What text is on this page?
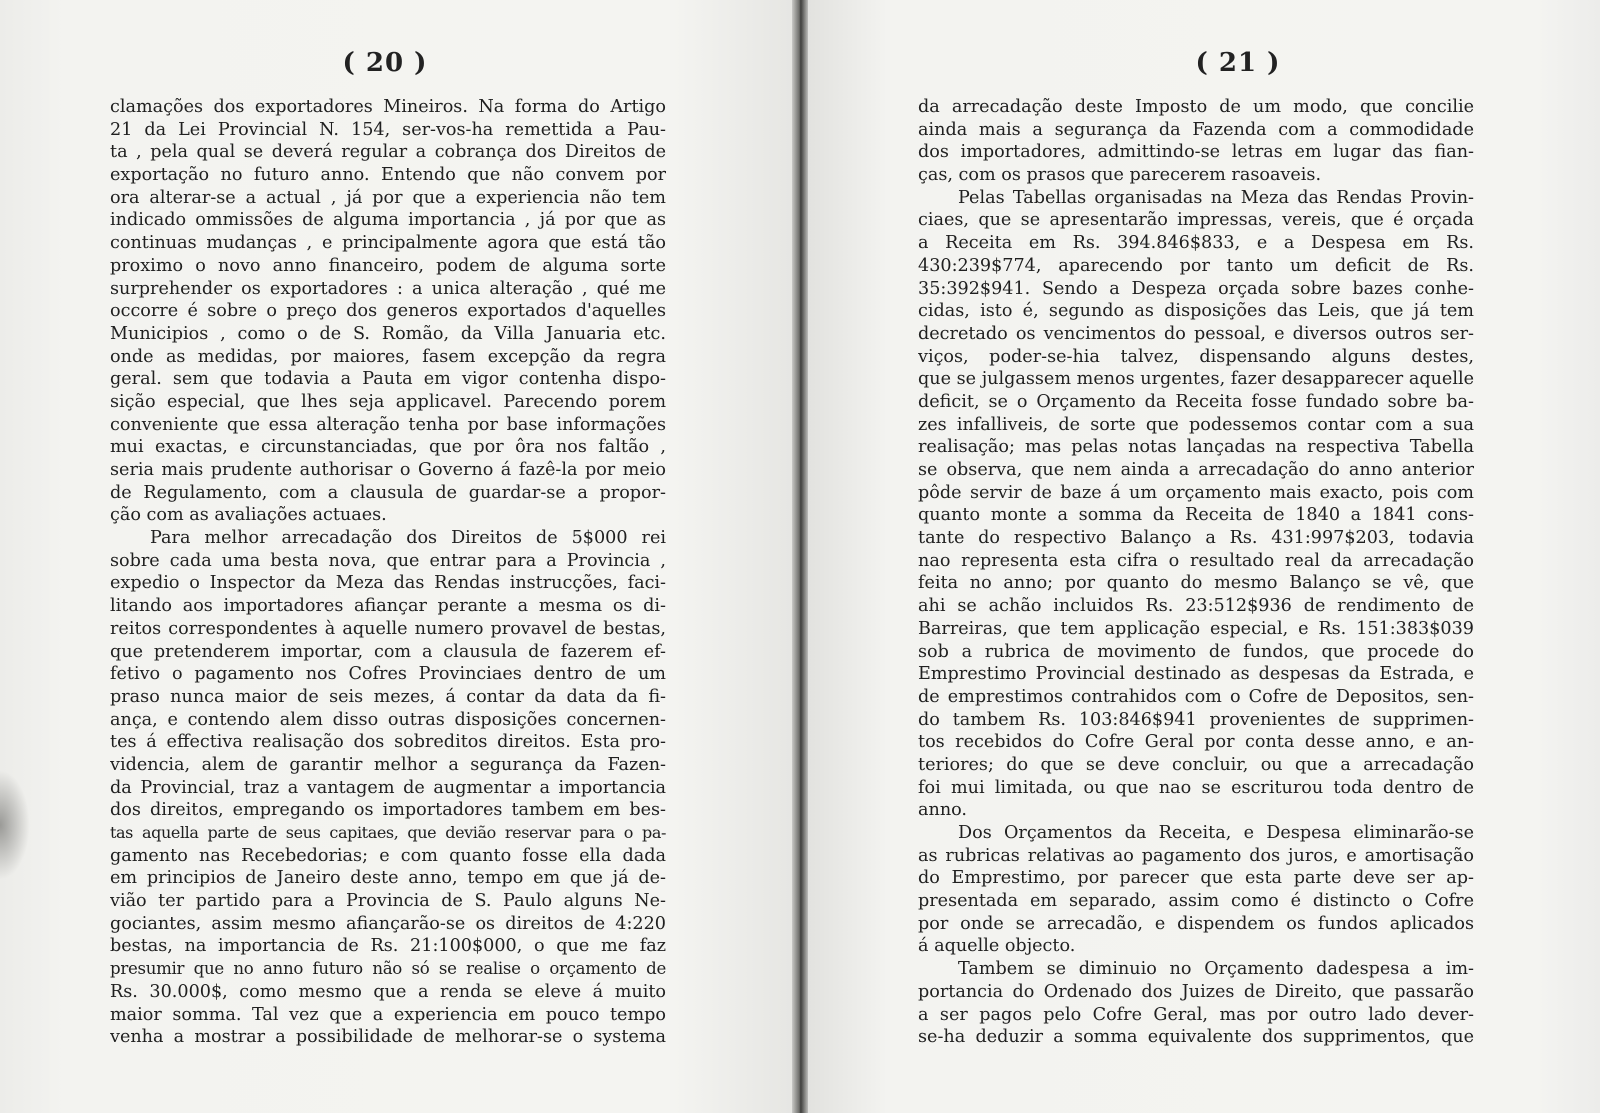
( 20 )
clamações dos exportadores Mineiros. Na forma do Artigo
21 da Lei Provincial N. 154, ser-vos-ha remettida a Pau-
ta , pela qual se deverá regular a cobrança dos Direitos de
exportação no futuro anno. Entendo que não convem por
ora alterar-se a actual , já por que a experiencia não tem
indicado ommissões de alguma importancia , já por que as
continuas mudanças , e principalmente agora que está tão
proximo o novo anno financeiro, podem de alguma sorte
surprehender os exportadores : a unica alteração , qué me
occorre é sobre o preço dos generos exportados d'aquelles
Municipios , como o de S. Romão, da Villa Januaria etc.
onde as medidas, por maiores, fasem excepção da regra
geral. sem que todavia a Pauta em vigor contenha dispo-
sição especial, que lhes seja applicavel. Parecendo porem
conveniente que essa alteração tenha por base informações
mui exactas, e circunstanciadas, que por ôra nos faltão ,
seria mais prudente authorisar o Governo á fazê-la por meio
de Regulamento, com a clausula de guardar-se a propor-
ção com as avaliações actuaes.
Para melhor arrecadação dos Direitos de 5$000 rei
sobre cada uma besta nova, que entrar para a Provincia ,
expedio o Inspector da Meza das Rendas instrucções, faci-
litando aos importadores afiançar perante a mesma os di-
reitos correspondentes à aquelle numero provavel de bestas,
que pretenderem importar, com a clausula de fazerem ef-
fetivo o pagamento nos Cofres Provinciaes dentro de um
praso nunca maior de seis mezes, á contar da data da fi-
ança, e contendo alem disso outras disposições concernen-
tes á effectiva realisação dos sobreditos direitos. Esta pro-
videncia, alem de garantir melhor a segurança da Fazen-
da Provincial, traz a vantagem de augmentar a importancia
dos direitos, empregando os importadores tambem em bes-
tas aquella parte de seus capitaes, que devião reservar para o pa-
gamento nas Recebedorias; e com quanto fosse ella dada
em principios de Janeiro deste anno, tempo em que já de-
vião ter partido para a Provincia de S. Paulo alguns Ne-
gociantes, assim mesmo afiançarão-se os direitos de 4:220
bestas, na importancia de Rs. 21:100$000, o que me faz
presumir que no anno futuro não só se realise o orçamento de
Rs. 30.000$, como mesmo que a renda se eleve á muito
maior somma. Tal vez que a experiencia em pouco tempo
venha a mostrar a possibilidade de melhorar-se o systema
( 21 )
da arrecadação deste Imposto de um modo, que concilie
ainda mais a segurança da Fazenda com a commodidade
dos importadores, admittindo-se letras em lugar das fian-
ças, com os prasos que parecerem rasoaveis.
Pelas Tabellas organisadas na Meza das Rendas Provin-
ciaes, que se apresentarão impressas, vereis, que é orçada
a Receita em Rs. 394.846$833, e a Despesa em Rs.
430:239$774, aparecendo por tanto um deficit de Rs.
35:392$941. Sendo a Despeza orçada sobre bazes conhe-
cidas, isto é, segundo as disposições das Leis, que já tem
decretado os vencimentos do pessoal, e diversos outros ser-
viços, poder-se-hia talvez, dispensando alguns destes,
que se julgassem menos urgentes, fazer desapparecer aquelle
deficit, se o Orçamento da Receita fosse fundado sobre ba-
zes infalliveis, de sorte que podessemos contar com a sua
realisação; mas pelas notas lançadas na respectiva Tabella
se observa, que nem ainda a arrecadação do anno anterior
pôde servir de baze á um orçamento mais exacto, pois com
quanto monte a somma da Receita de 1840 a 1841 cons-
tante do respectivo Balanço a Rs. 431:997$203, todavia
nao representa esta cifra o resultado real da arrecadação
feita no anno; por quanto do mesmo Balanço se vê, que
ahi se achão incluidos Rs. 23:512$936 de rendimento de
Barreiras, que tem applicação especial, e Rs. 151:383$039
sob a rubrica de movimento de fundos, que procede do
Emprestimo Provincial destinado as despesas da Estrada, e
de emprestimos contrahidos com o Cofre de Depositos, sen-
do tambem Rs. 103:846$941 provenientes de supprimen-
tos recebidos do Cofre Geral por conta desse anno, e an-
teriores; do que se deve concluir, ou que a arrecadação
foi mui limitada, ou que nao se escriturou toda dentro de
anno.
Dos Orçamentos da Receita, e Despesa eliminarão-se
as rubricas relativas ao pagamento dos juros, e amortisação
do Emprestimo, por parecer que esta parte deve ser ap-
presentada em separado, assim como é distincto o Cofre
por onde se arrecadão, e dispendem os fundos aplicados
á aquelle objecto.
Tambem se diminuio no Orçamento dadespesa a im-
portancia do Ordenado dos Juizes de Direito, que passarão
a ser pagos pelo Cofre Geral, mas por outro lado dever-
se-ha deduzir a somma equivalente dos supprimentos, que
